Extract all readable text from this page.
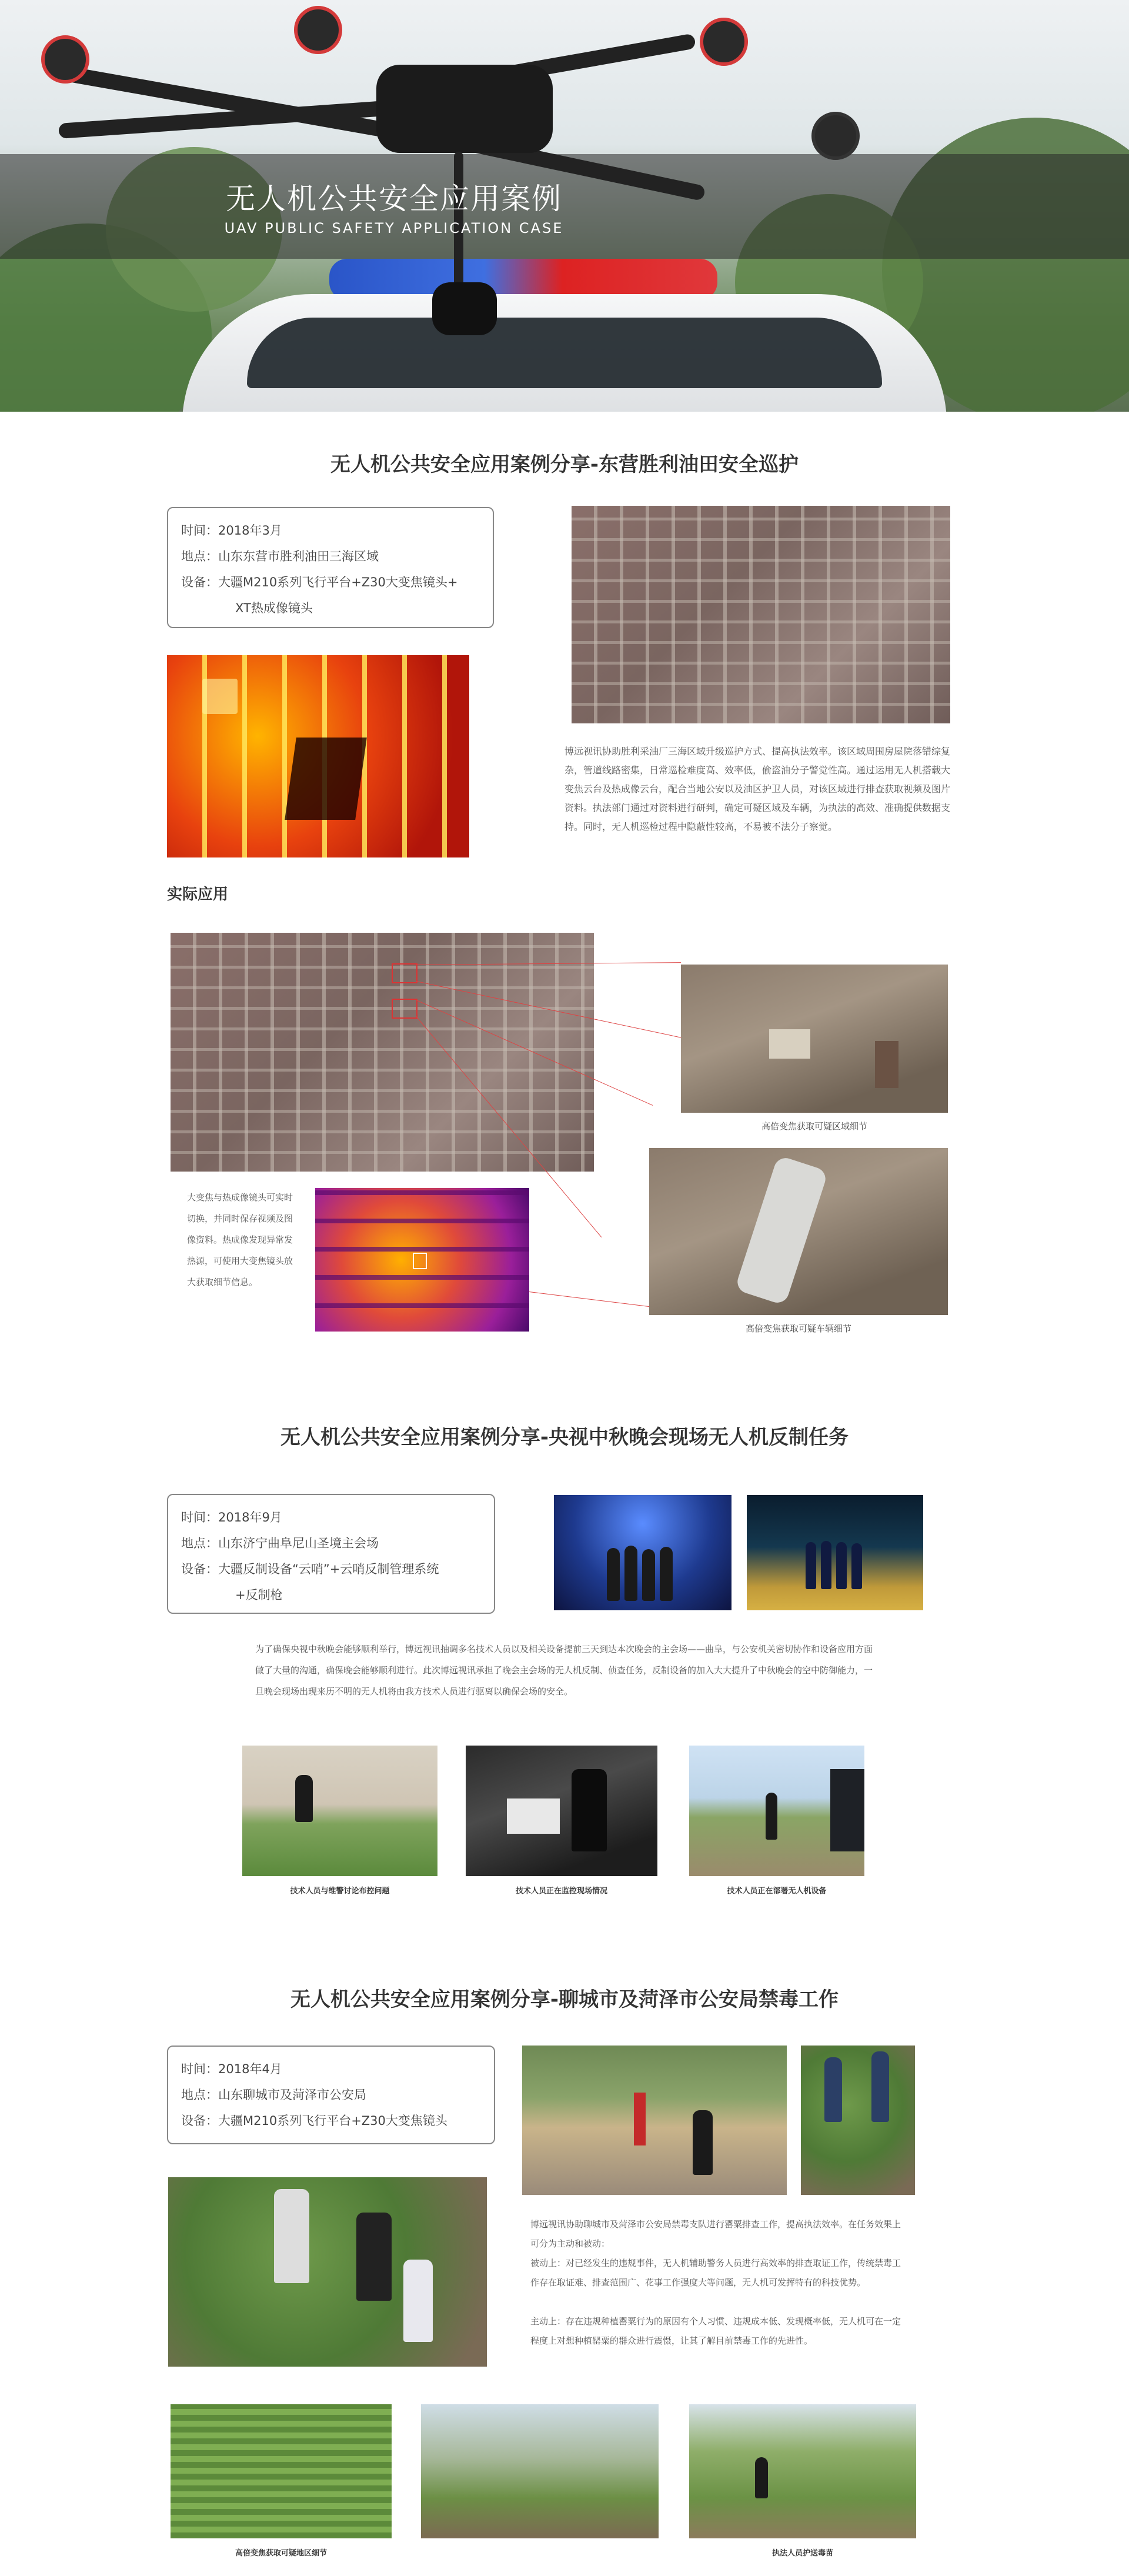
无人机公共安全应用案例
UAV PUBLIC SAFETY APPLICATION CASE
无人机公共安全应用案例分享-东营胜利油田安全巡护
时间：2018年3月
地点：山东东营市胜利油田三海区域
设备：大疆M210系列飞行平台+Z30大变焦镜头+
XT热成像镜头
博远视讯协助胜利采油厂三海区域升级巡护方式、提高执法效率。该区域周围房屋院落错综复杂，管道线路密集，日常巡检难度高、效率低，偷盗油分子警觉性高。通过运用无人机搭载大变焦云台及热成像云台，配合当地公安以及油区护卫人员，对该区域进行排查获取视频及图片资料。执法部门通过对资料进行研判，确定可疑区域及车辆，为执法的高效、准确提供数据支持。同时，无人机巡检过程中隐蔽性较高，不易被不法分子察觉。
实际应用
高倍变焦获取可疑区域细节
高倍变焦获取可疑车辆细节
大变焦与热成像镜头可实时切换，并同时保存视频及图像资料。热成像发现异常发热源，可使用大变焦镜头放大获取细节信息。
无人机公共安全应用案例分享-央视中秋晚会现场无人机反制任务
时间：2018年9月
地点：山东济宁曲阜尼山圣境主会场
设备：大疆反制设备“云哨”+云哨反制管理系统
+反制枪
为了确保央视中秋晚会能够顺利举行，博远视讯抽调多名技术人员以及相关设备提前三天到达本次晚会的主会场——曲阜，与公安机关密切协作和设备应用方面做了大量的沟通，确保晚会能够顺利进行。此次博远视讯承担了晚会主会场的无人机反制、侦查任务，反制设备的加入大大提升了中秋晚会的空中防御能力，一旦晚会现场出现来历不明的无人机将由我方技术人员进行驱离以确保会场的安全。
技术人员与维警讨论布控问题	技术人员正在监控现场情况	技术人员正在部署无人机设备
无人机公共安全应用案例分享-聊城市及菏泽市公安局禁毒工作
时间：2018年4月
地点：山东聊城市及菏泽市公安局
设备：大疆M210系列飞行平台+Z30大变焦镜头
博远视讯协助聊城市及菏泽市公安局禁毒支队进行罂粟排查工作，提高执法效率。在任务效果上可分为主动和被动：
被动上：对已经发生的违规事件，无人机辅助警务人员进行高效率的排查取证工作，传统禁毒工作存在取证难、排查范围广、花事工作强度大等问题，无人机可发挥特有的科技优势。
主动上：存在违规种植罂粟行为的原因有个人习惯、违规成本低、发现概率低，无人机可在一定程度上对想种植罂粟的群众进行震慑，让其了解目前禁毒工作的先进性。
高倍变焦获取可疑地区细节	执法人员护送毒苗
